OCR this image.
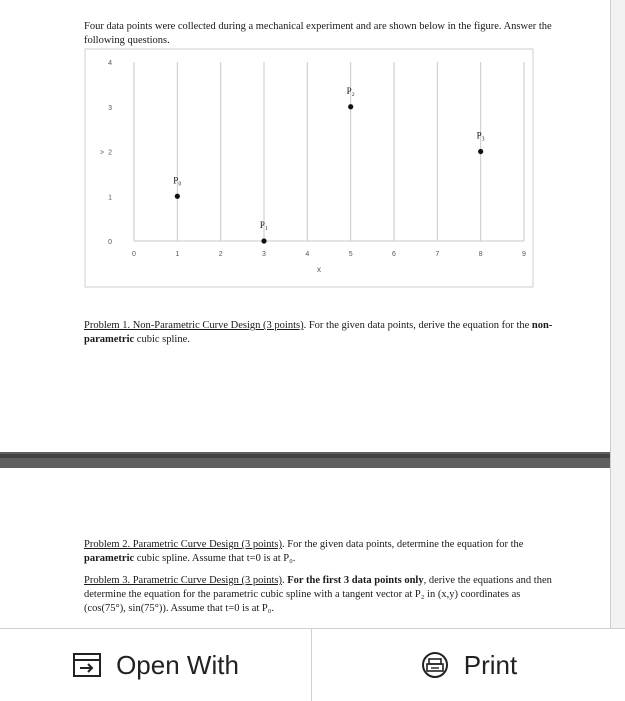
Four data points were collected during a mechanical experiment and are shown below in the figure. Answer the following questions.

0	1	2	3	4	5	6	7	8	9
0
1
2
3
4
x
>
P₀
P₁
P₂
P₃

Problem 1. Non-Parametric Curve Design (3 points). For the given data points, derive the equation for the non-parametric cubic spline.

Problem 2. Parametric Curve Design (3 points). For the given data points, determine the equation for the parametric cubic spline. Assume that t=0 is at P₀.

Problem 3. Parametric Curve Design (3 points). For the first 3 data points only, derive the equations and then determine the equation for the parametric cubic spline with a tangent vector at P₂ in (x,y) coordinates as (cos(75°), sin(75°)). Assume that t=0 is at P₀.

Open With	Print
